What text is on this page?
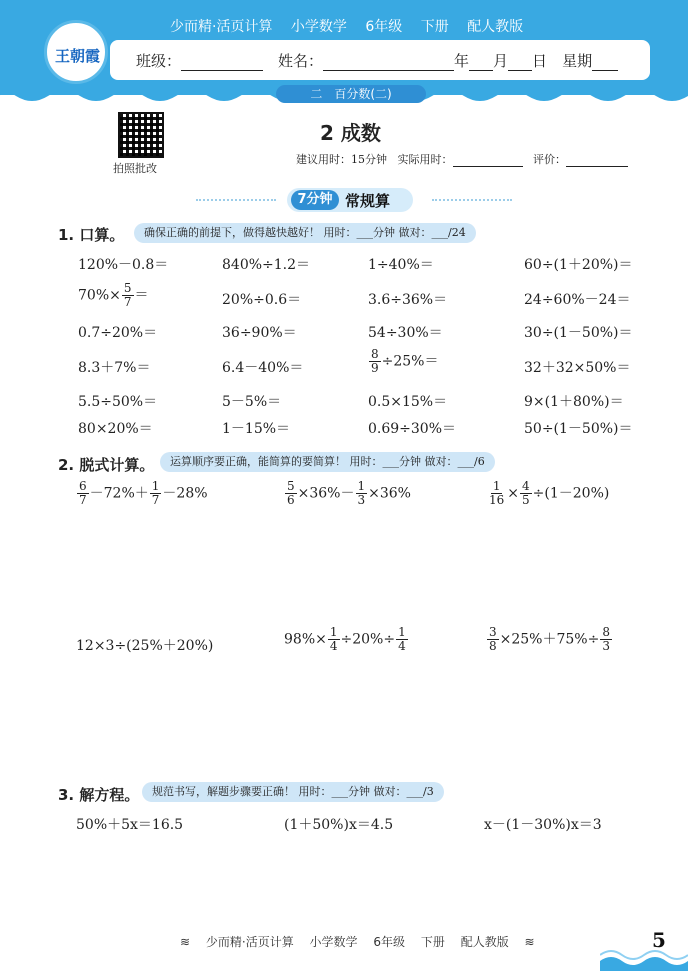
少而精·活页计算 小学数学 6年级 下册 配人教版
王朝霞 班级：	姓名：	年 月 日　 星期
二　百分数(二)
拍照批改
2 成数
建议用时：15分钟 实际用时：	评价：
7分钟 常规算
1. 口算。	确保正确的前提下，做得越快越好！ 用时：___分钟 做对：___/24
120%－0.8＝	840%÷1.2＝	1÷40%＝	60÷(1＋20%)＝
$70\%\times \frac{5}{7}$ ＝	20%÷0.6＝	3.6÷36%＝	24÷60%－24＝
0.7÷20%＝	36÷90%＝	54÷30%＝	30÷(1－50%)＝
8.3＋7%＝	6.4－40%＝	$\frac{8}{9} \div 25\%=$	32＋32×50%＝
5.5÷50%＝	5－5%＝	0.5×15%＝	9×(1＋80%)＝
80×20%＝	1－15%＝	0.69÷30%＝	50÷(1－50%)＝
2. 脱式计算。	运算顺序要正确，能简算的要简算！ 用时：___分钟 做对：___/6
$\frac{6}{7} -72\%+ \frac{1}{7} -28\%$	$\frac{5}{6} \times 36\%- \frac{1}{3} \times 36\%$	$\frac{1}{16} \times \frac{4}{5} \div(1-20\%)$
12×3÷(25%＋20%)	$98\%\times \frac{1}{4} \div 20\%\div \frac{1}{4}$	$\frac{3}{8} \times 25\%+75\%\div \frac{8}{3}$
3. 解方程。	规范书写，解题步骤要正确！ 用时：___分钟 做对：___/3
50%＋5x＝16.5	(1＋50%)x＝4.5	x－(1－30%)x＝3
≋ 少而精·活页计算 小学数学 6年级 下册 配人教版 ≋	5
